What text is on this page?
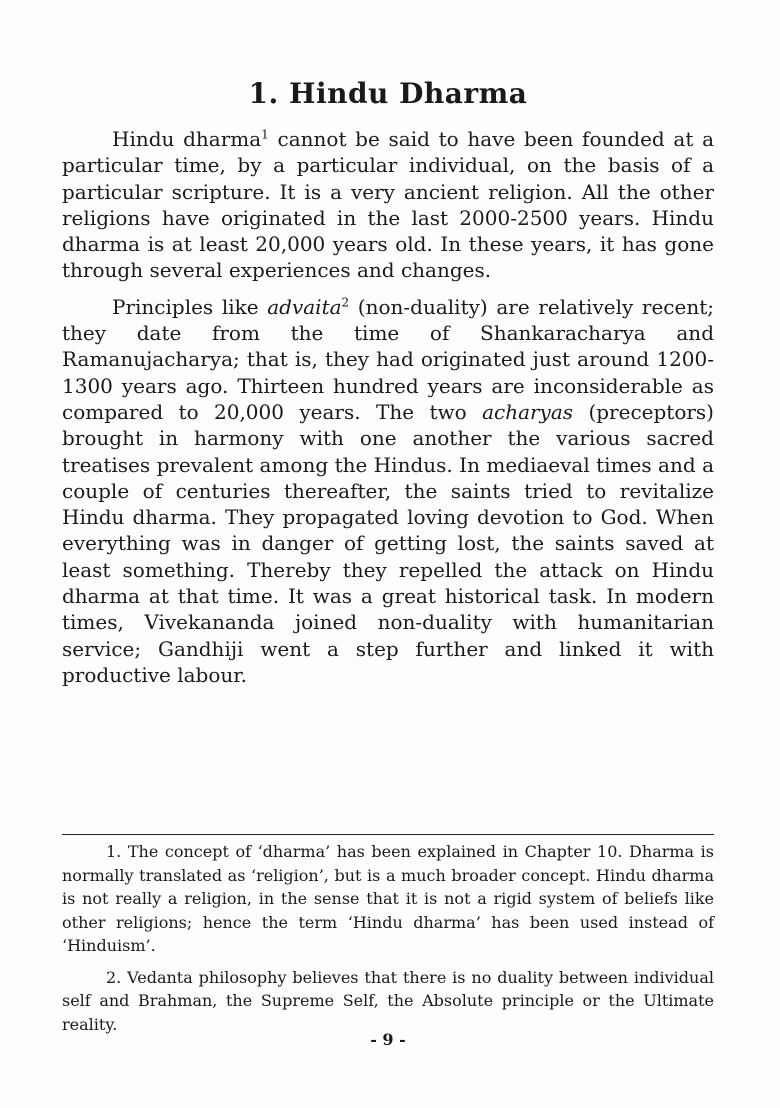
1. Hindu Dharma

Hindu dharma$^1$ cannot be said to have been founded at a particular time, by a particular individual, on the basis of a particular scripture. It is a very ancient religion. All the other religions have originated in the last 2000-2500 years. Hindu dharma is at least 20,000 years old. In these years, it has gone through several experiences and changes.

Principles like advaita$^2$ (non-duality) are relatively recent; they date from the time of Shankaracharya and Ramanujacharya; that is, they had originated just around 1200-1300 years ago. Thirteen hundred years are inconsiderable as compared to 20,000 years. The two acharyas (preceptors) brought in harmony with one another the various sacred treatises prevalent among the Hindus. In mediaeval times and a couple of centuries thereafter, the saints tried to revitalize Hindu dharma. They propagated loving devotion to God. When everything was in danger of getting lost, the saints saved at least something. Thereby they repelled the attack on Hindu dharma at that time. It was a great historical task. In modern times, Vivekananda joined non-duality with humanitarian service; Gandhiji went a step further and linked it with productive labour.

1. The concept of ‘dharma’ has been explained in Chapter 10. Dharma is normally translated as ‘religion’, but is a much broader concept. Hindu dharma is not really a religion, in the sense that it is not a rigid system of beliefs like other religions; hence the term ‘Hindu dharma’ has been used instead of ‘Hinduism’.

2. Vedanta philosophy believes that there is no duality between individual self and Brahman, the Supreme Self, the Absolute principle or the Ultimate reality.

- 9 -
